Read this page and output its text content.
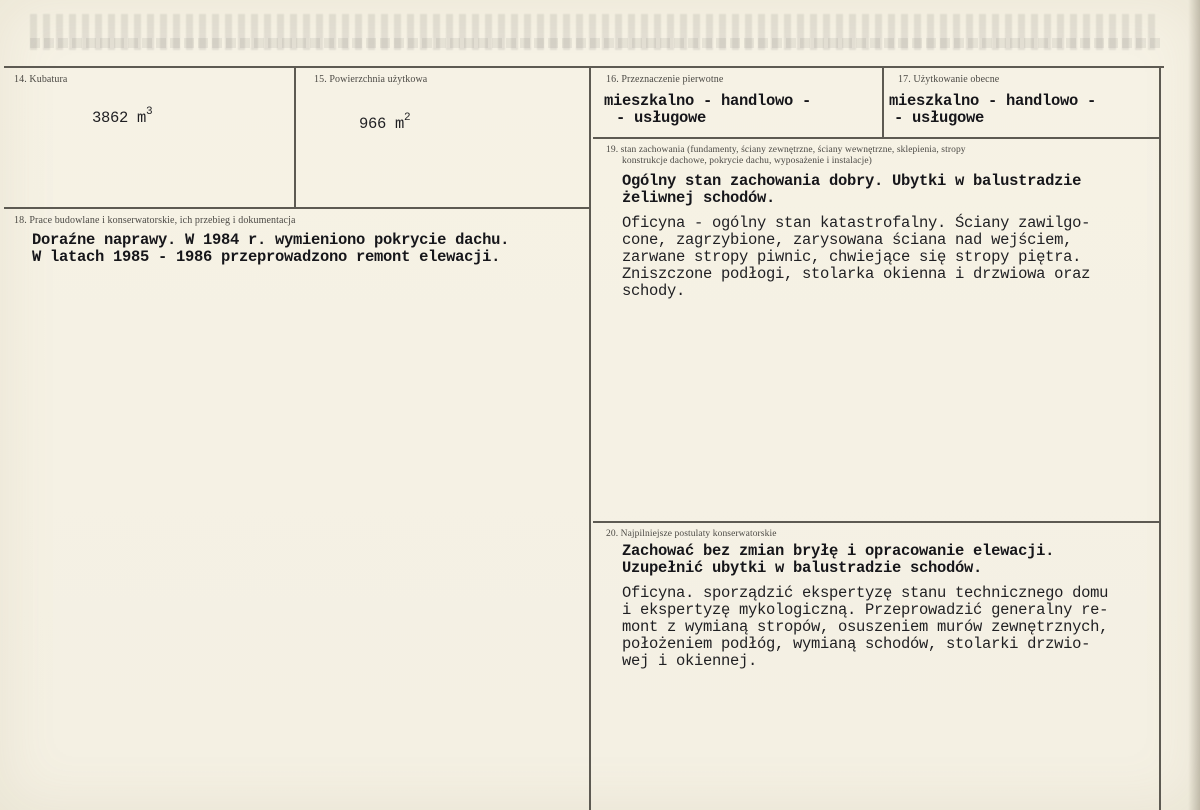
14. Kubatura
3862 $m^3$
15. Powierzchnia użytkowa
966 $m^2$
16. Przeznaczenie pierwotne
mieszkalno - handlowo -
- usługowe
17. Użytkowanie obecne
mieszkalno - handlowo -
- usługowe
18. Prace budowlane i konserwatorskie, ich przebieg i dokumentacja
Doraźne naprawy. W 1984 r. wymieniono pokrycie dachu.
W latach 1985 - 1986 przeprowadzono remont elewacji.
19. stan zachowania (fundamenty, ściany zewnętrzne, ściany wewnętrzne, sklepienia, stropy
konstrukcje dachowe, pokrycie dachu, wyposażenie i instalacje)
Ogólny stan zachowania dobry. Ubytki w balustradzie
żeliwnej schodów.
Oficyna - ogólny stan katastrofalny. Ściany zawilgo-
cone, zagrzybione, zarysowana ściana nad wejściem,
zarwane stropy piwnic, chwiejące się stropy piętra.
Zniszczone podłogi, stolarka okienna i drzwiowa oraz
schody.
20. Najpilniejsze postulaty konserwatorskie
Zachować bez zmian bryłę i opracowanie elewacji.
Uzupełnić ubytki w balustradzie schodów.
Oficyna. sporządzić ekspertyzę stanu technicznego domu
i ekspertyzę mykologiczną. Przeprowadzić generalny re-
mont z wymianą stropów, osuszeniem murów zewnętrznych,
położeniem podłóg, wymianą schodów, stolarki drzwio-
wej i okiennej.
